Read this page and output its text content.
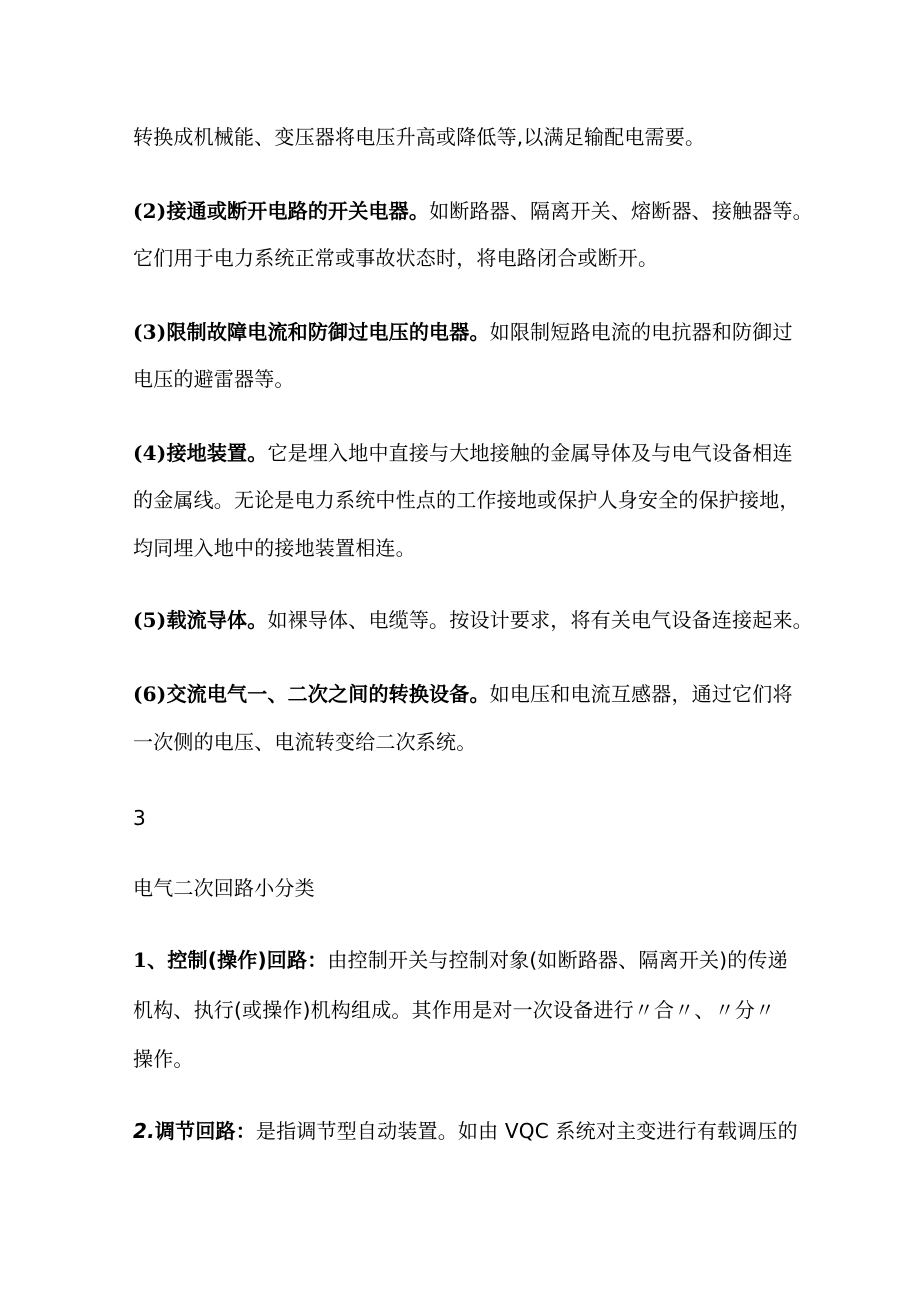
转换成机械能、变压器将电压升高或降低等,以满足输配电需要。

(2)接通或断开电路的开关电器。如断路器、隔离开关、熔断器、接触器等。

它们用于电力系统正常或事故状态时，将电路闭合或断开。

(3)限制故障电流和防御过电压的电器。如限制短路电流的电抗器和防御过

电压的避雷器等。

(4)接地装置。它是埋入地中直接与大地接触的金属导体及与电气设备相连

的金属线。无论是电力系统中性点的工作接地或保护人身安全的保护接地，

均同埋入地中的接地装置相连。

(5)载流导体。如裸导体、电缆等。按设计要求，将有关电气设备连接起来。

(6)交流电气一、二次之间的转换设备。如电压和电流互感器，通过它们将

一次侧的电压、电流转变给二次系统。

3

电气二次回路小分类

1、控制(操作)回路：由控制开关与控制对象(如断路器、隔离开关)的传递

机构、执行(或操作)机构组成。其作用是对一次设备进行〃合〃、〃分〃

操作。

2.调节回路：是指调节型自动装置。如由 VQC 系统对主变进行有载调压的
